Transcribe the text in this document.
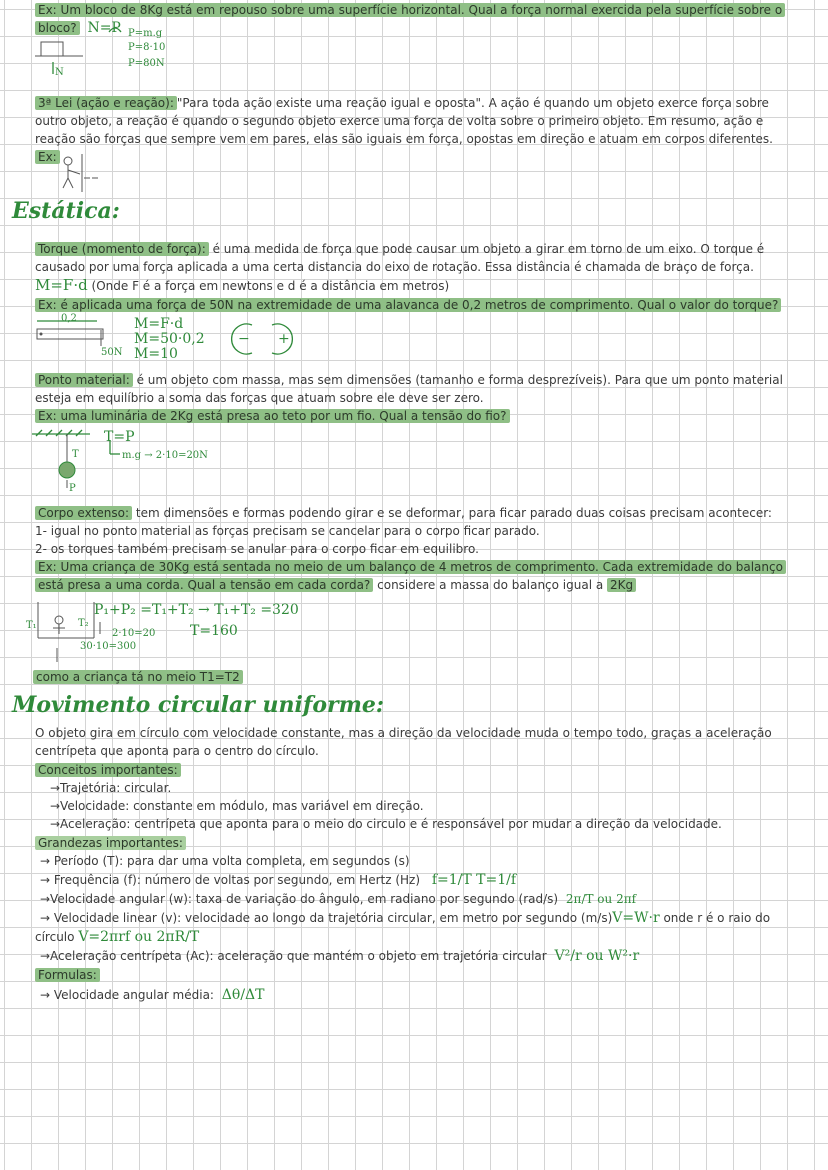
Ex: Um bloco de 8Kg está em repouso sobre uma superfície horizontal. Qual a força normal exercida pela superfície sobre o
bloco? N=P P=m.g
P=8·10
P=80N
N
3ª Lei (ação e reação): "Para toda ação existe uma reação igual e oposta". A ação é quando um objeto exerce força sobre
outro objeto, a reação é quando o segundo objeto exerce uma força de volta sobre o primeiro objeto. Em resumo, ação e
reação são forças que sempre vem em pares, elas são iguais em força, opostas em direção e atuam em corpos diferentes.
Ex:
Estática:
Torque (momento de força): é uma medida de força que pode causar um objeto a girar em torno de um eixo. O torque é
causado por uma força aplicada a uma certa distancia do eixo de rotação. Essa distância é chamada de braço de força.
M=F·d (Onde F é a força em newtons e d é a distância em metros)
Ex: é aplicada uma força de 50N na extremidade de uma alavanca de 0,2 metros de comprimento. Qual o valor do torque?
0,2
50N
M=F·d
M=50·0,2
M=10
− +
Ponto material: é um objeto com massa, mas sem dimensões (tamanho e forma desprezíveis). Para que um ponto material
esteja em equilíbrio a soma das forças que atuam sobre ele deve ser zero.
Ex: uma luminária de 2Kg está presa ao teto por um fio. Qual a tensão do fio?
T=P
T	m.g → 2·10=20N
P
Corpo extenso: tem dimensões e formas podendo girar e se deformar, para ficar parado duas coisas precisam acontecer:
1- igual no ponto material as forças precisam se cancelar para o corpo ficar parado.
2- os torques também precisam se anular para o corpo ficar em equilibro.
Ex: Uma criança de 30Kg está sentada no meio de um balanço de 4 metros de comprimento. Cada extremidade do balanço
está presa a uma corda. Qual a tensão em cada corda? considere a massa do balanço igual a 2Kg
P₁+P₂ =T₁+T₂ → T₁+T₂ =320
T=160
T₁	T₂
2·10=20
30·10=300
como a criança tá no meio T1=T2
Movimento circular uniforme:
O objeto gira em círculo com velocidade constante, mas a direção da velocidade muda o tempo todo, graças a aceleração
centrípeta que aponta para o centro do círculo.
Conceitos importantes:
→Trajetória: circular.
→Velocidade: constante em módulo, mas variável em direção.
→Aceleração: centrípeta que aponta para o meio do circulo e é responsável por mudar a direção da velocidade.
Grandezas importantes:
→ Período (T): para dar uma volta completa, em segundos (s)
→ Frequência (f): número de voltas por segundo, em Hertz (Hz) f=1/T T=1/f
→Velocidade angular (w): taxa de variação do ângulo, em radiano por segundo (rad/s) 2π/T ou 2πf
→ Velocidade linear (v): velocidade ao longo da trajetória circular, em metro por segundo (m/s)V=W·r onde r é o raio do
círculo V=2πrf ou 2πR/T
→Aceleração centrípeta (Ac): aceleração que mantém o objeto em trajetória circular V²/r ou W²·r
Formulas:
→ Velocidade angular média: Δθ/ΔT
